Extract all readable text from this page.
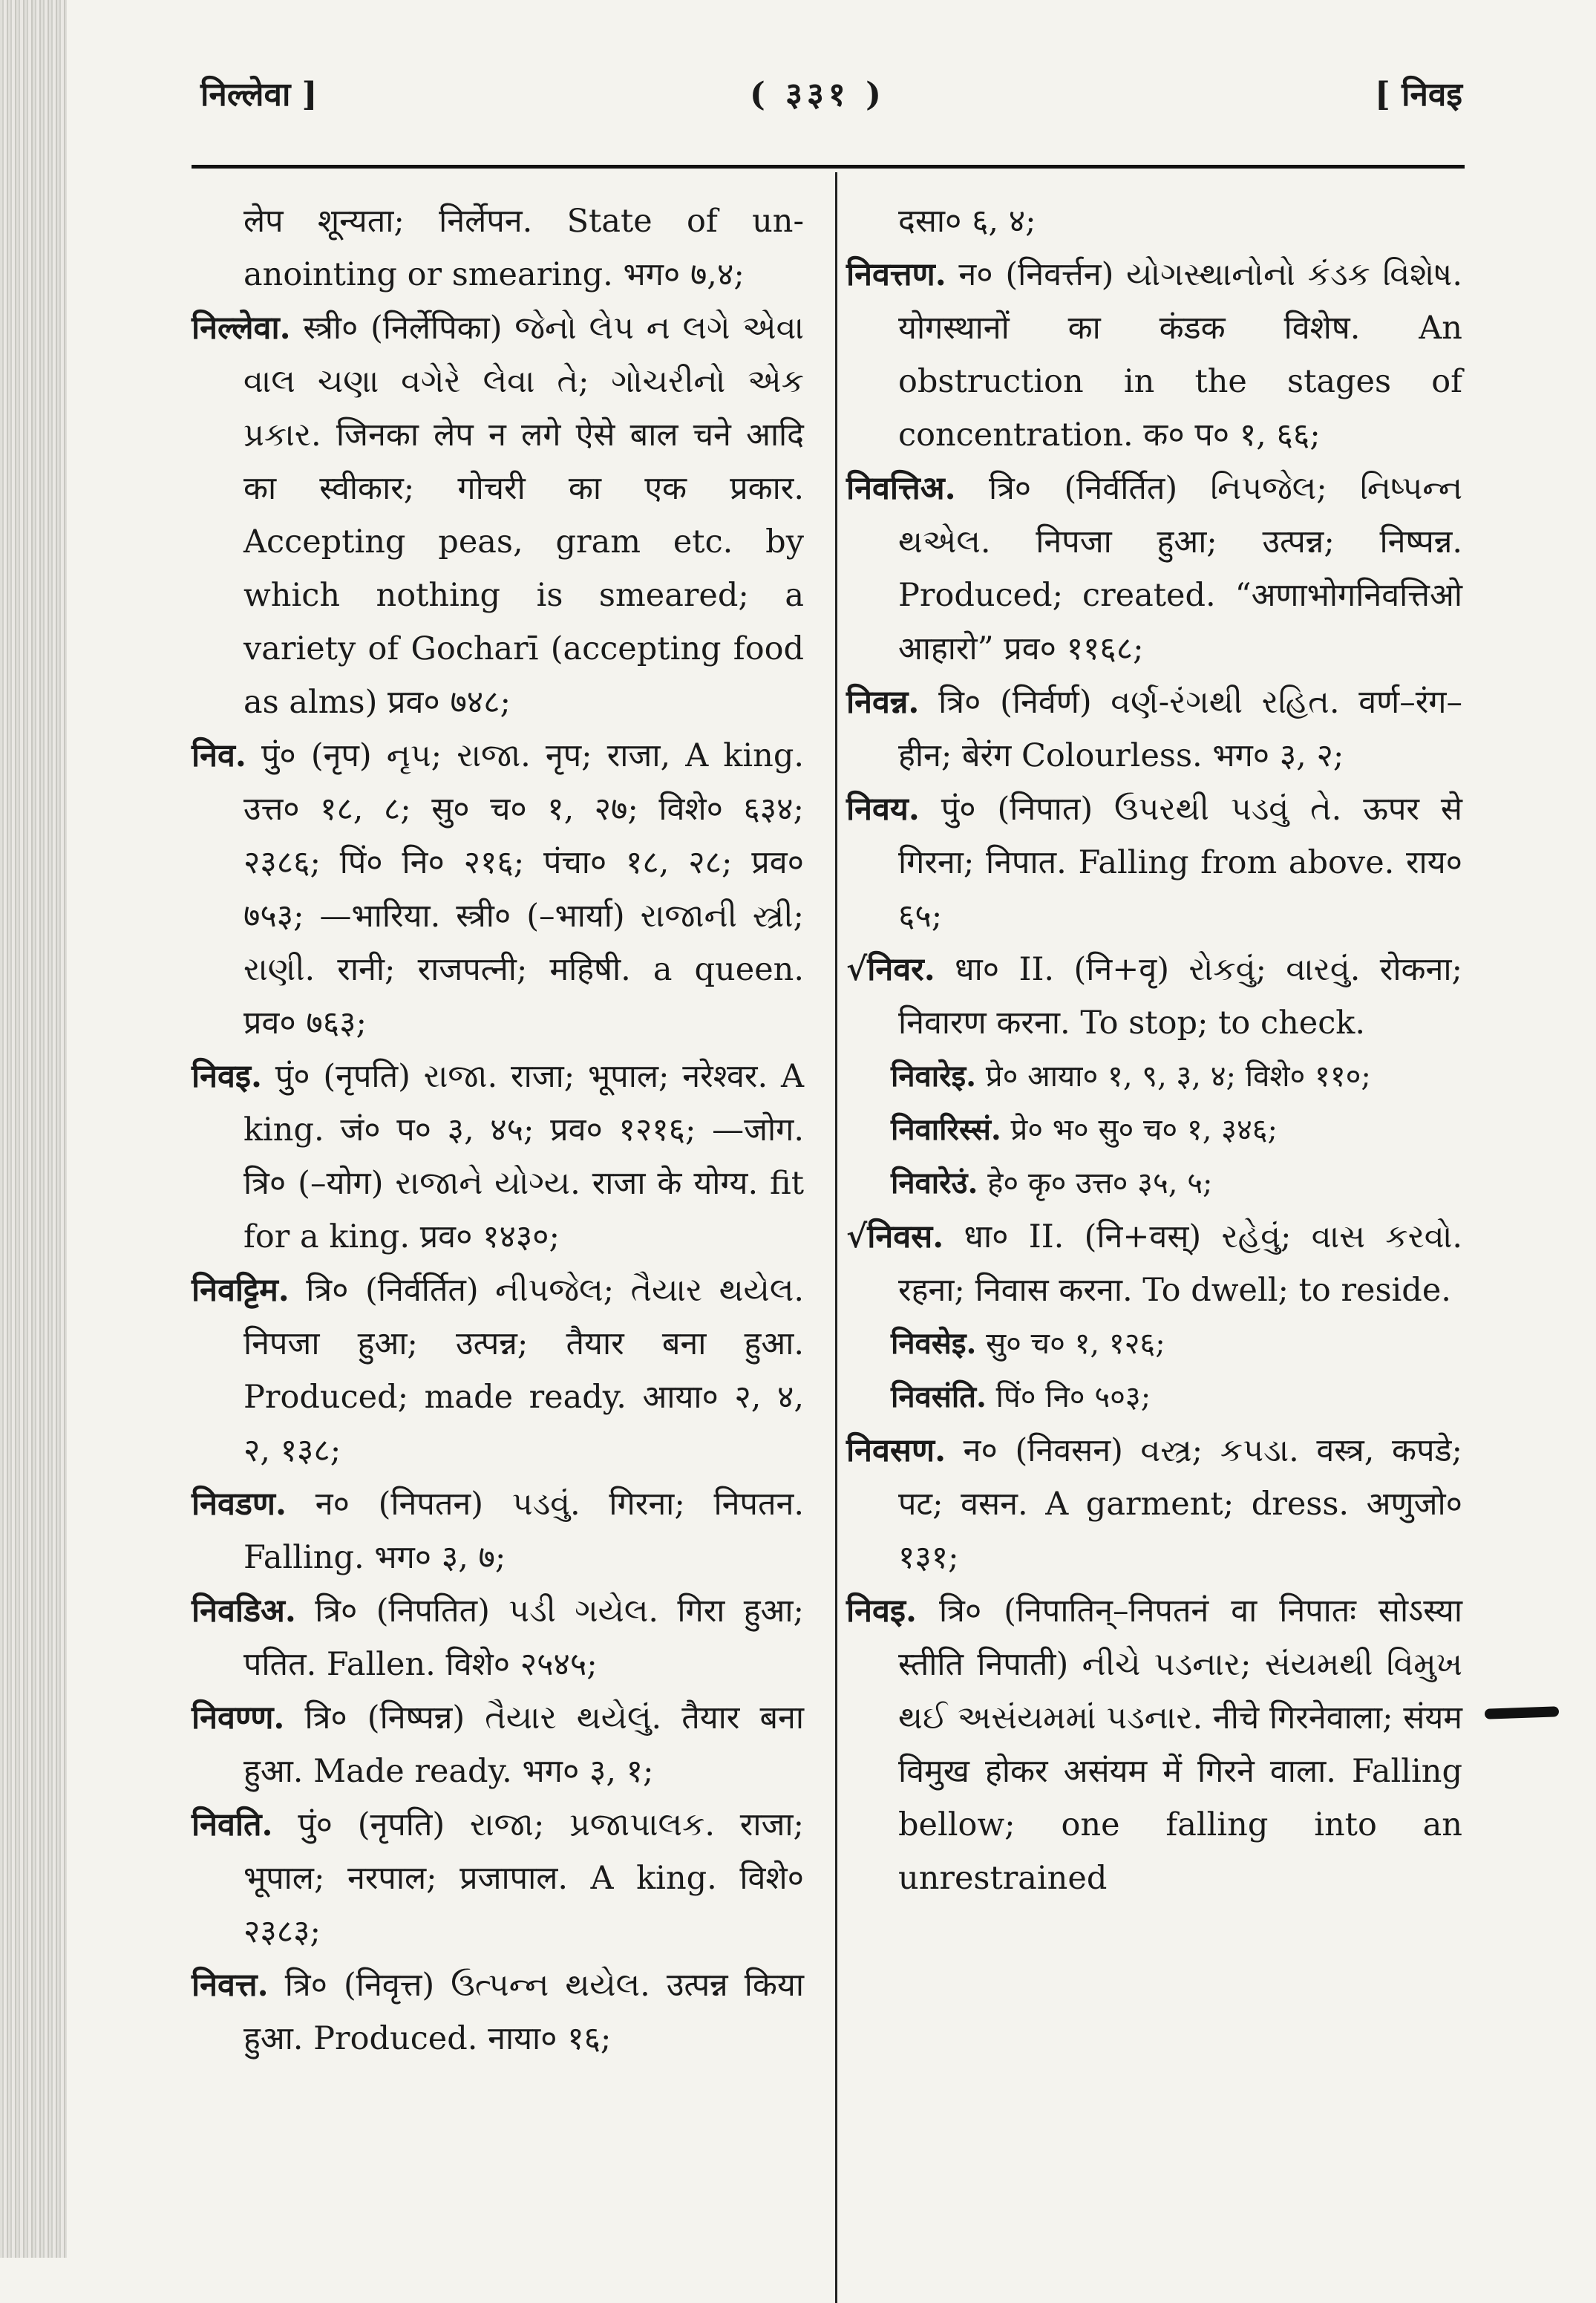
निल्लेवा ]	( ३३१ )	[ निवइ

लेप शून्यता; निर्लेपन. State of un-anointing or smearing. भग० ७,४;

निल्लेवा. स्त्री० (निर्लेपिका) જેનો લેપ ન લગે એવા વાલ ચણા વગેરે લેવા તે; ગોચરીનો એક પ્રકાર. जिनका लेप न लगे ऐसे बाल चने आदि का स्वीकार; गोचरी का एक प्रकार. Accepting peas, gram etc. by which nothing is smeared; a variety of Gocharī (accepting food as alms) प्रव० ७४८;

निव. पुं० (नृप) નૃપ; રાજા. नृप; राजा, A king. उत्त० १८, ८; सु० च० १, २७; विशे० ६३४; २३८६; पिं० नि० २१६; पंचा० १८, २८; प्रव० ७५३; —भारिया. स्त्री० (–भार्या) રાજાની સ્ત્રી; રાણી. रानी; राजपत्नी; महिषी. a queen. प्रव० ७६३;

निवइ. पुं० (नृपति) રાજા. राजा; भूपाल; नरेश्वर. A king. जं० प० ३, ४५; प्रव० १२१६; —जोग. त्रि० (–योग) રાજાને યોગ્ય. राजा के योग्य. fit for a king. प्रव० १४३०;

निवट्टिम. त्रि० (निर्वर्तित) નીપજેલ; તૈયાર થયેલ. निपजा हुआ; उत्पन्न; तैयार बना हुआ. Produced; made ready. आया० २, ४, २, १३८;

निवडण. न० (निपतन) પડવું. गिरना; निपतन. Falling. भग० ३, ७;

निवडिअ. त्रि० (निपतित) પડી ગયેલ. गिरा हुआ; पतित. Fallen. विशे० २५४५;

निवण्ण. त्रि० (निष्पन्न) તૈયાર થયેલું. तैयार बना हुआ. Made ready. भग० ३, १;

निवति. पुं० (नृपति) રાજા; પ્રજાપાલક. राजा; भूपाल; नरपाल; प्रजापाल. A king. विशे० २३८३;

निवत्त. त्रि० (निवृत्त) ઉત્પન્ન થયેલ. उत्पन्न किया हुआ. Produced. नाया० १६;

दसा० ६, ४;

निवत्तण. न० (निवर्त्तन) યોગસ્થાનોનો કંડક વિશેષ. योगस्थानों का कंडक विशेष. An obstruction in the stages of concentration. क० प० १, ६६;

निवत्तिअ. त्रि० (निर्वर्तित) નિપજેલ; નિષ્પન્ન થએલ. निपजा हुआ; उत्पन्न; निष्पन्न. Produced; created. “अणाभोगनिवत्तिओ आहारो” प्रव० ११६८;

निवन्न. त्रि० (निर्वर्ण) વર્ણ-રંગથી રહિત. वर्ण–रंग–हीन; बेरंग Colourless. भग० ३, २;

निवय. पुं० (निपात) ઉપરથી પડવું તે. ऊपर से गिरना; निपात. Falling from above. राय० ६५;

√निवर. धा० II. (नि+वृ) રોકવું; વારવું. रोकना; निवारण करना. To stop; to check.

निवारेइ. प्रे० आया० १, ९, ३, ४; विशे० ११०;

निवारिस्सं. प्रे० भ० सु० च० १, ३४६;

निवारेउं. हे० कृ० उत्त० ३५, ५;

√निवस. धा० II. (नि+वस्) રહેવું; વાસ કરવો. रहना; निवास करना. To dwell; to reside.

निवसेइ. सु० च० १, १२६;

निवसंति. पिं० नि० ५०३;

निवसण. न० (निवसन) વસ્ત્ર; કપડા. वस्त्र, कपडे; पट; वसन. A garment; dress. अणुजो० १३१;

निवइ. त्रि० (निपातिन्–निपतनं वा निपातः सोऽस्या स्तीति निपाती) નીચે પડનાર; સંયમથી વિમુખ થઈ અસંયમમાં પડનાર. नीचे गिरनेवाला; संयम विमुख होकर असंयम में गिरने वाला. Falling bellow; one falling into an unrestrained
